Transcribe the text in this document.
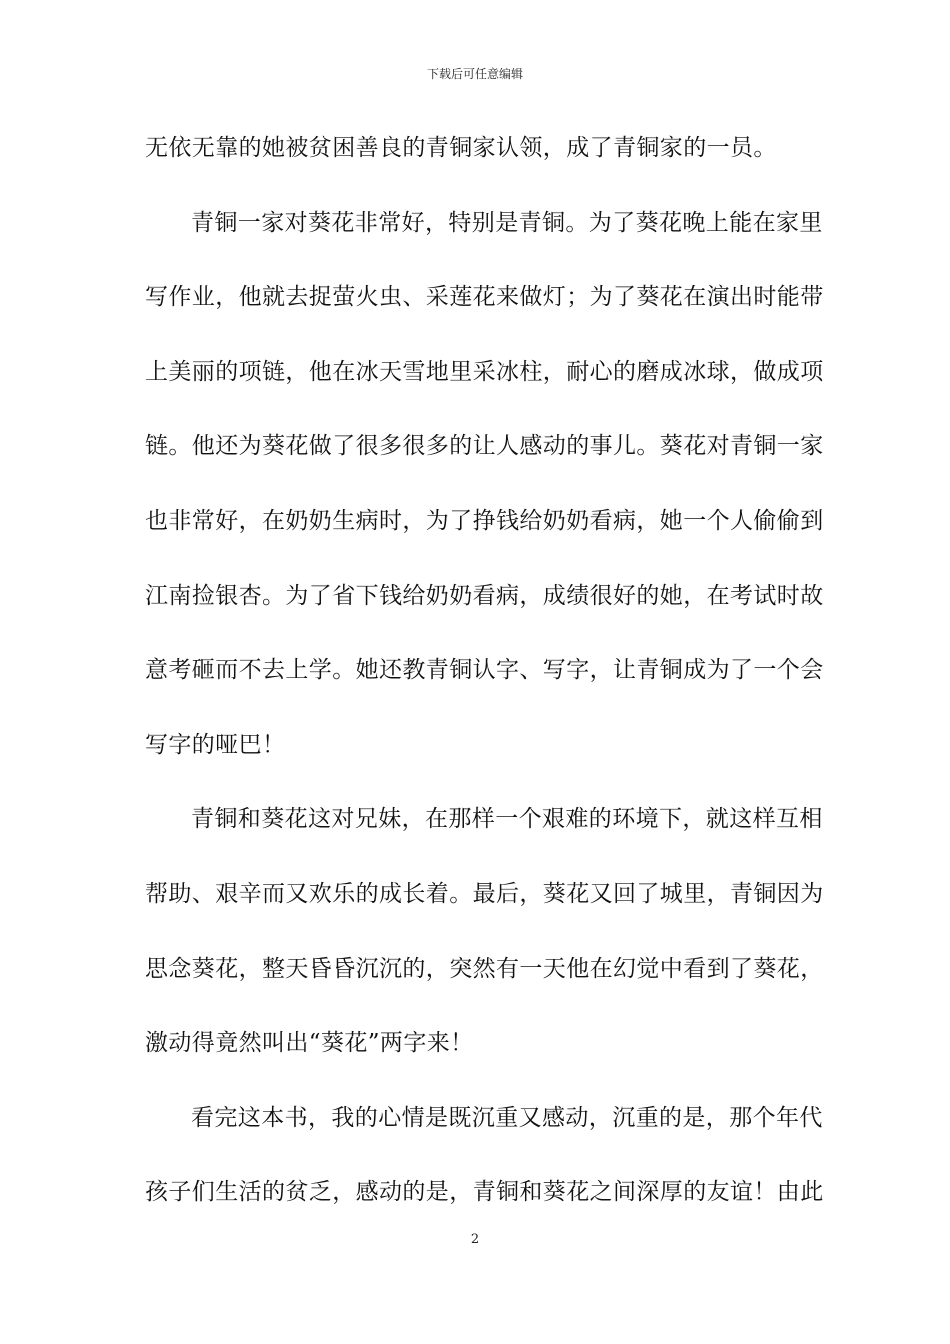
下载后可任意编辑
无依无靠的她被贫困善良的青铜家认领，成了青铜家的一员。
青铜一家对葵花非常好，特别是青铜。为了葵花晚上能在家里
写作业，他就去捉萤火虫、采莲花来做灯；为了葵花在演出时能带
上美丽的项链，他在冰天雪地里采冰柱，耐心的磨成冰球，做成项
链。他还为葵花做了很多很多的让人感动的事儿。葵花对青铜一家
也非常好，在奶奶生病时，为了挣钱给奶奶看病，她一个人偷偷到
江南捡银杏。为了省下钱给奶奶看病，成绩很好的她，在考试时故
意考砸而不去上学。她还教青铜认字、写字，让青铜成为了一个会
写字的哑巴！
青铜和葵花这对兄妹，在那样一个艰难的环境下，就这样互相
帮助、艰辛而又欢乐的成长着。最后，葵花又回了城里，青铜因为
思念葵花，整天昏昏沉沉的，突然有一天他在幻觉中看到了葵花，
激动得竟然叫出“葵花”两字来！
看完这本书，我的心情是既沉重又感动，沉重的是，那个年代
孩子们生活的贫乏，感动的是，青铜和葵花之间深厚的友谊！由此
2
